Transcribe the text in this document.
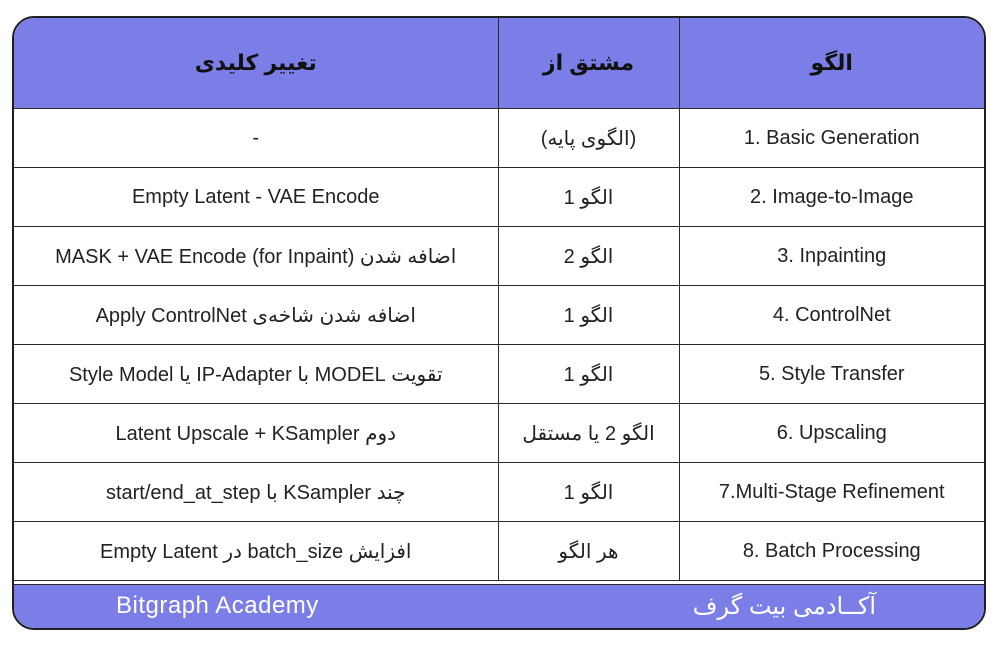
تغییر کلیدی	مشتق از	الگو
-	(الگوی پایه)	1. Basic Generation
Empty Latent - VAE Encode	الگو 1	2. Image-to-Image
MASK + VAE Encode (for Inpaint) اضافه شدن	الگو 2	3. Inpainting
اضافه شدن شاخه‌ی Apply ControlNet	الگو 1	4. ControlNet
تقویت MODEL با IP-Adapter یا Style Model	الگو 1	5. Style Transfer
Latent Upscale + KSampler دوم	الگو 2 یا مستقل	6. Upscaling
چند KSampler با start/end_at_step	الگو 1	7.Multi-Stage Refinement
افزایش batch_size در Empty Latent	هر الگو	8. Batch Processing
Bitgraph Academy	آکــادمی بیت گرف
